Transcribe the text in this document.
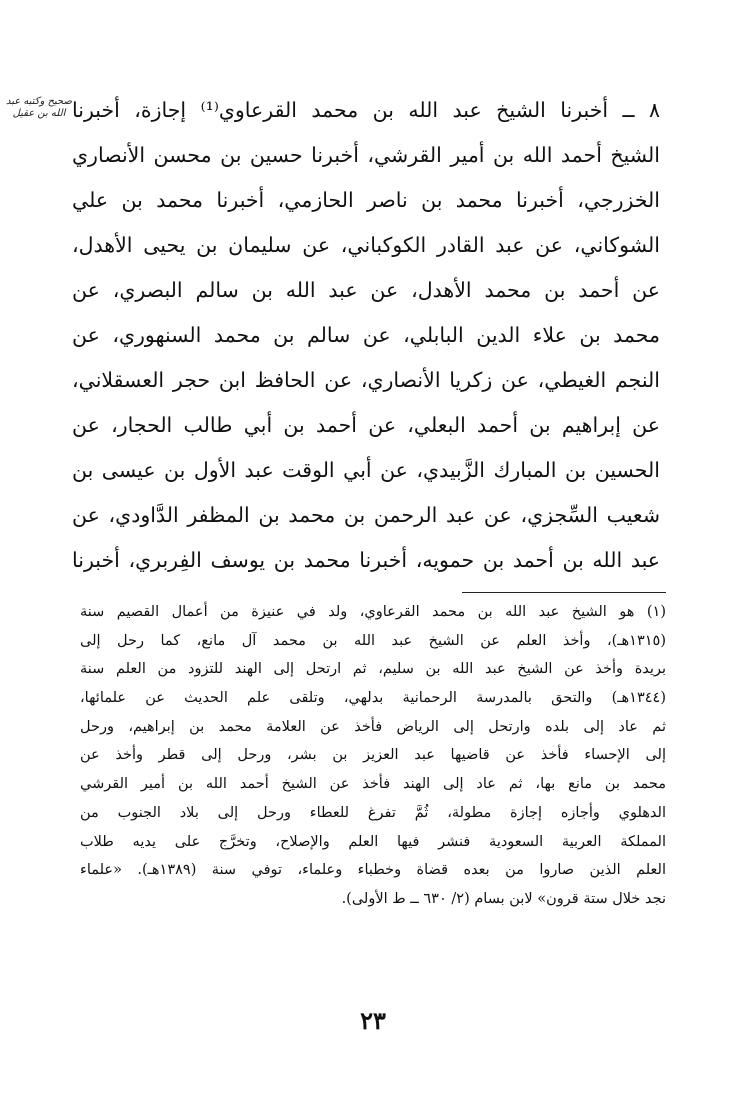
صحيح وكتبه عبد الله بن عقيل ٨ ــ أخبرنا الشيخ عبد الله بن محمد القرعاوي⁽¹⁾ إجازة، أخبرنا
الشيخ أحمد الله بن أمير القرشي، أخبرنا حسين بن محسن الأنصاري
الخزرجي، أخبرنا محمد بن ناصر الحازمي، أخبرنا محمد بن علي
الشوكاني، عن عبد القادر الكوكباني، عن سليمان بن يحيى الأهدل،
عن أحمد بن محمد الأهدل، عن عبد الله بن سالم البصري، عن
محمد بن علاء الدين البابلي، عن سالم بن محمد السنهوري، عن
النجم الغيطي، عن زكريا الأنصاري، عن الحافظ ابن حجر العسقلاني،
عن إبراهيم بن أحمد البعلي، عن أحمد بن أبي طالب الحجار، عن
الحسين بن المبارك الزَّبيدي، عن أبي الوقت عبد الأول بن عيسى بن
شعيب السِّجزي، عن عبد الرحمن بن محمد بن المظفر الدَّاودي، عن
عبد الله بن أحمد بن حمويه، أخبرنا محمد بن يوسف الفِربري، أخبرنا
(١) هو الشيخ عبد الله بن محمد القرعاوي، ولد في عنيزة من أعمال القصيم سنة
(١٣١٥هـ)، وأخذ العلم عن الشيخ عبد الله بن محمد آل مانع، كما رحل إلى
بريدة وأخذ عن الشيخ عبد الله بن سليم، ثم ارتحل إلى الهند للتزود من العلم سنة
(١٣٤٤هـ) والتحق بالمدرسة الرحمانية بدلهي، وتلقى علم الحديث عن علمائها،
ثم عاد إلى بلده وارتحل إلى الرياض فأخذ عن العلامة محمد بن إبراهيم، ورحل
إلى الإحساء فأخذ عن قاضيها عبد العزيز بن بشر، ورحل إلى قطر وأخذ عن
محمد بن مانع بها، ثم عاد إلى الهند فأخذ عن الشيخ أحمد الله بن أمير القرشي
الدهلوي وأجازه إجازة مطولة، ثُمَّ تفرغ للعطاء ورحل إلى بلاد الجنوب من
المملكة العربية السعودية فنشر فيها العلم والإصلاح، وتخرَّج على يديه طلاب
العلم الذين صاروا من بعده قضاة وخطباء وعلماء، توفي سنة (١٣٨٩هـ). «علماء
نجد خلال ستة قرون» لابن بسام (٢/ ٦٣٠ ــ ط الأولى).
٢٣
